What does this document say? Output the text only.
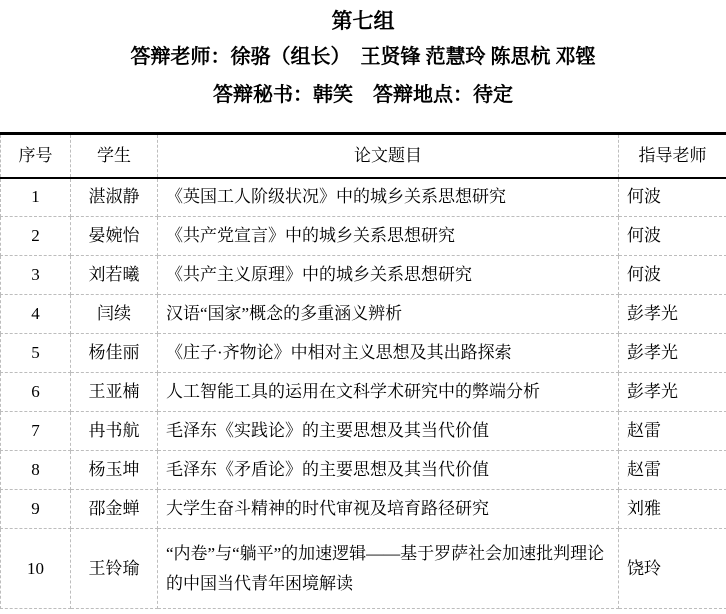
第七组
答辩老师：徐骆（组长）　王贤锋 范慧玲 陈思杭 邓铿
答辩秘书：韩笑　答辩地点：待定
序号	学生	论文题目	指导老师
1	湛淑静	《英国工人阶级状况》中的城乡关系思想研究	何波
2	晏婉怡	《共产党宣言》中的城乡关系思想研究	何波
3	刘若曦	《共产主义原理》中的城乡关系思想研究	何波
4	闫续	汉语“国家”概念的多重涵义辨析	彭孝光
5	杨佳丽	《庄子·齐物论》中相对主义思想及其出路探索	彭孝光
6	王亚楠	人工智能工具的运用在文科学术研究中的弊端分析	彭孝光
7	冉书航	毛泽东《实践论》的主要思想及其当代价值	赵雷
8	杨玉坤	毛泽东《矛盾论》的主要思想及其当代价值	赵雷
9	邵金蝉	大学生奋斗精神的时代审视及培育路径研究	刘雅
10	王铃瑜	“内卷”与“躺平”的加速逻辑——基于罗萨社会加速批判理论的中国当代青年困境解读	饶玲
